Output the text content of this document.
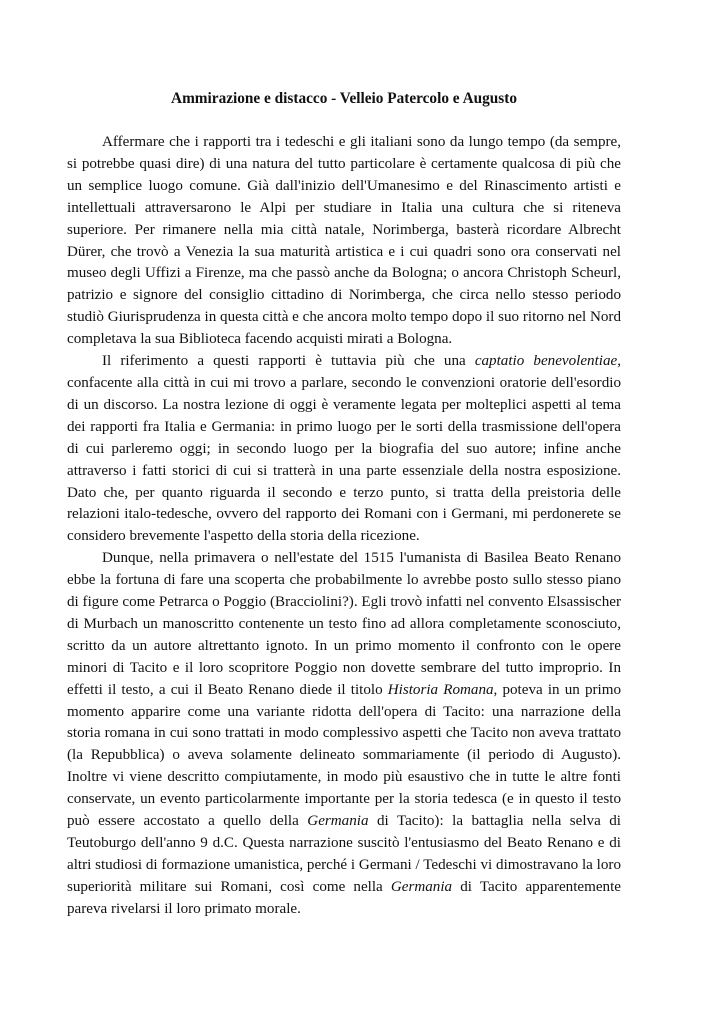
Ammirazione e distacco - Velleio Patercolo e Augusto

Affermare che i rapporti tra i tedeschi e gli italiani sono da lungo tempo (da sempre, si potrebbe quasi dire) di una natura del tutto particolare è certamente qualcosa di più che un semplice luogo comune. Già dall'inizio dell'Umanesimo e del Rinascimento artisti e intellettuali attraversarono le Alpi per studiare in Italia una cultura che si riteneva superiore. Per rimanere nella mia città natale, Norimberga, basterà ricordare Albrecht Dürer, che trovò a Venezia la sua maturità artistica e i cui quadri sono ora conservati nel museo degli Uffizi a Firenze, ma che passò anche da Bologna; o ancora Christoph Scheurl, patrizio e signore del consiglio cittadino di Norimberga, che circa nello stesso periodo studiò Giurisprudenza in questa città e che ancora molto tempo dopo il suo ritorno nel Nord completava la sua Biblioteca facendo acquisti mirati a Bologna.

Il riferimento a questi rapporti è tuttavia più che una captatio benevolentiae, confacente alla città in cui mi trovo a parlare, secondo le convenzioni oratorie dell'esordio di un discorso. La nostra lezione di oggi è veramente legata per molteplici aspetti al tema dei rapporti fra Italia e Germania: in primo luogo per le sorti della trasmissione dell'opera di cui parleremo oggi; in secondo luogo per la biografia del suo autore; infine anche attraverso i fatti storici di cui si tratterà in una parte essenziale della nostra esposizione. Dato che, per quanto riguarda il secondo e terzo punto, si tratta della preistoria delle relazioni italo-tedesche, ovvero del rapporto dei Romani con i Germani, mi perdonerete se considero brevemente l'aspetto della storia della ricezione.

Dunque, nella primavera o nell'estate del 1515 l'umanista di Basilea Beato Renano ebbe la fortuna di fare una scoperta che probabilmente lo avrebbe posto sullo stesso piano di figure come Petrarca o Poggio (Bracciolini?). Egli trovò infatti nel convento Elsassischer di Murbach un manoscritto contenente un testo fino ad allora completamente sconosciuto, scritto da un autore altrettanto ignoto. In un primo momento il confronto con le opere minori di Tacito e il loro scopritore Poggio non dovette sembrare del tutto improprio. In effetti il testo, a cui il Beato Renano diede il titolo Historia Romana, poteva in un primo momento apparire come una variante ridotta dell'opera di Tacito: una narrazione della storia romana in cui sono trattati in modo complessivo aspetti che Tacito non aveva trattato (la Repubblica) o aveva solamente delineato sommariamente (il periodo di Augusto). Inoltre vi viene descritto compiutamente, in modo più esaustivo che in tutte le altre fonti conservate, un evento particolarmente importante per la storia tedesca (e in questo il testo può essere accostato a quello della Germania di Tacito): la battaglia nella selva di Teutoburgo dell'anno 9 d.C. Questa narrazione suscitò l'entusiasmo del Beato Renano e di altri studiosi di formazione umanistica, perché i Germani / Tedeschi vi dimostravano la loro superiorità militare sui Romani, così come nella Germania di Tacito apparentemente pareva rivelarsi il loro primato morale.
